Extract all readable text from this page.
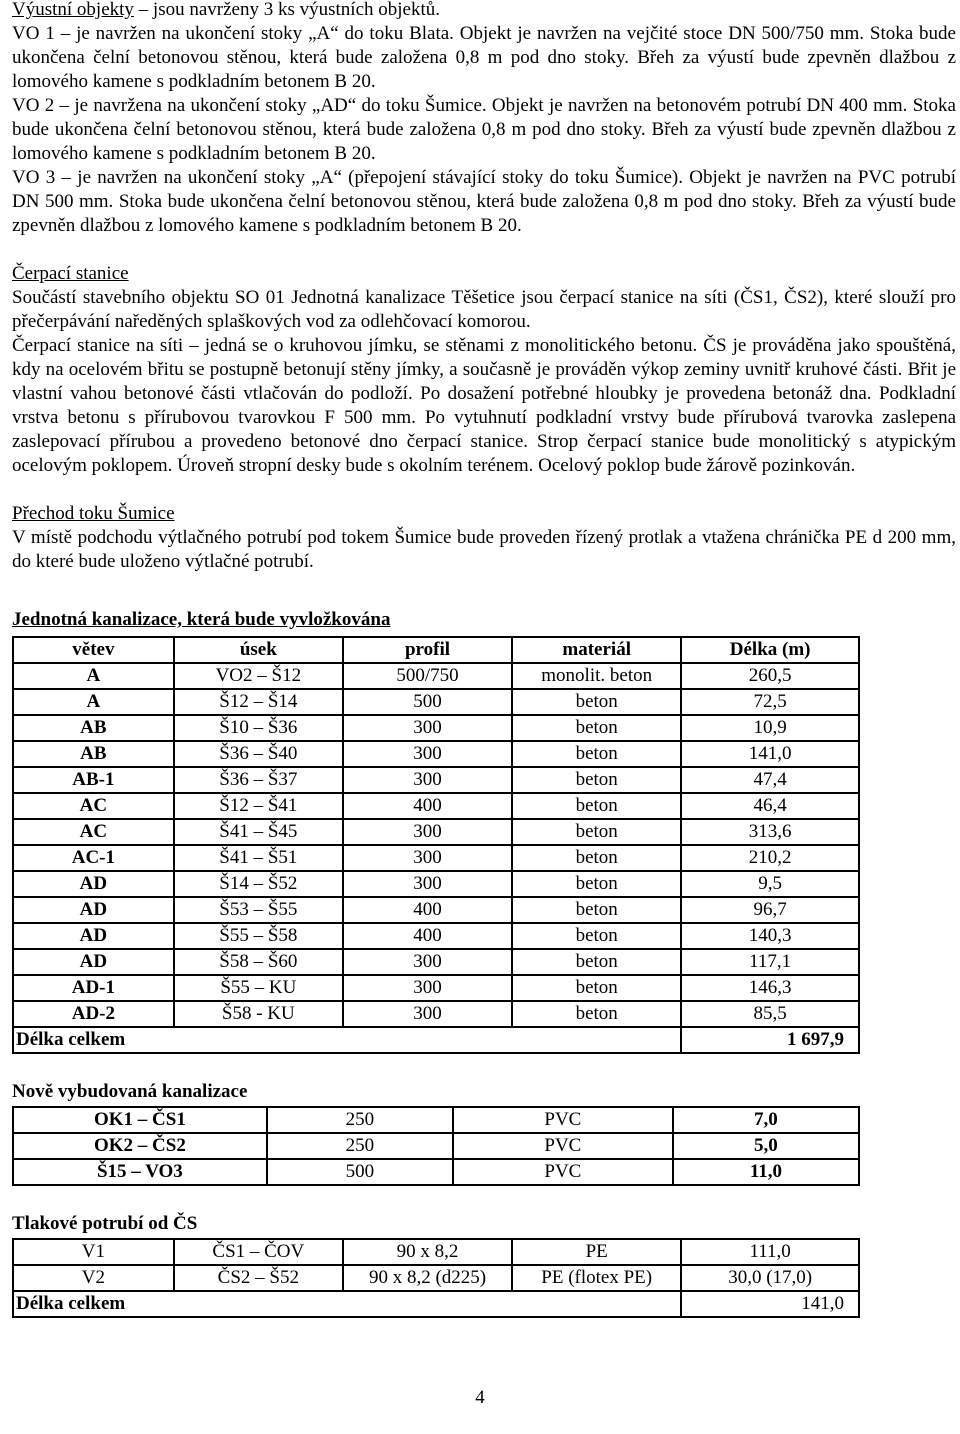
Výustní objekty – jsou navrženy 3 ks výustních objektů.

VO 1 – je navržen na ukončení stoky „A“ do toku Blata. Objekt je navržen na vejčité stoce DN 500/750 mm. Stoka bude ukončena čelní betonovou stěnou, která bude založena 0,8 m pod dno stoky. Břeh za výustí bude zpevněn dlažbou z lomového kamene s podkladním betonem B 20.

VO 2 – je navržena na ukončení stoky „AD“ do toku Šumice. Objekt je navržen na betonovém potrubí DN 400 mm. Stoka bude ukončena čelní betonovou stěnou, která bude založena 0,8 m pod dno stoky. Břeh za výustí bude zpevněn dlažbou z lomového kamene s podkladním betonem B 20.

VO 3 – je navržen na ukončení stoky „A“ (přepojení stávající stoky do toku Šumice). Objekt je navržen na PVC potrubí DN 500 mm. Stoka bude ukončena čelní betonovou stěnou, která bude založena 0,8 m pod dno stoky. Břeh za výustí bude zpevněn dlažbou z lomového kamene s podkladním betonem B 20.

Čerpací stanice

Součástí stavebního objektu SO 01 Jednotná kanalizace Těšetice jsou čerpací stanice na síti (ČS1, ČS2), které slouží pro přečerpávání naředěných splaškových vod za odlehčovací komorou.

Čerpací stanice na síti – jedná se o kruhovou jímku, se stěnami z monolitického betonu. ČS je prováděna jako spouštěná, kdy na ocelovém břitu se postupně betonují stěny jímky, a současně je prováděn výkop zeminy uvnitř kruhové části. Břit je vlastní vahou betonové části vtlačován do podloží. Po dosažení potřebné hloubky je provedena betonáž dna. Podkladní vrstva betonu s přírubovou tvarovkou F 500 mm. Po vytuhnutí podkladní vrstvy bude přírubová tvarovka zaslepena zaslepovací přírubou a provedeno betonové dno čerpací stanice. Strop čerpací stanice bude monolitický s atypickým ocelovým poklopem. Úroveň stropní desky bude s okolním terénem. Ocelový poklop bude žárově pozinkován.

Přechod toku Šumice

V místě podchodu výtlačného potrubí pod tokem Šumice bude proveden řízený protlak a vtažena chránička PE d 200 mm, do které bude uloženo výtlačné potrubí.

Jednotná kanalizace, která bude vyvložkována

větev	úsek	profil	materiál	Délka (m)
A	VO2 – Š12	500/750	monolit. beton	260,5
A	Š12 – Š14	500	beton	72,5
AB	Š10 – Š36	300	beton	10,9
AB	Š36 – Š40	300	beton	141,0
AB-1	Š36 – Š37	300	beton	47,4
AC	Š12 – Š41	400	beton	46,4
AC	Š41 – Š45	300	beton	313,6
AC-1	Š41 – Š51	300	beton	210,2
AD	Š14 – Š52	300	beton	9,5
AD	Š53 – Š55	400	beton	96,7
AD	Š55 – Š58	400	beton	140,3
AD	Š58 – Š60	300	beton	117,1
AD-1	Š55 – KU	300	beton	146,3
AD-2	Š58 - KU	300	beton	85,5
Délka celkem				1 697,9

Nově vybudovaná kanalizace

OK1 – ČS1	250	PVC	7,0
OK2 – ČS2	250	PVC	5,0
Š15 – VO3	500	PVC	11,0

Tlakové potrubí od ČS

V1	ČS1 – ČOV	90 x 8,2	PE	111,0
V2	ČS2 – Š52	90 x 8,2 (d225)	PE (flotex PE)	30,0 (17,0)
Délka celkem				141,0
4
